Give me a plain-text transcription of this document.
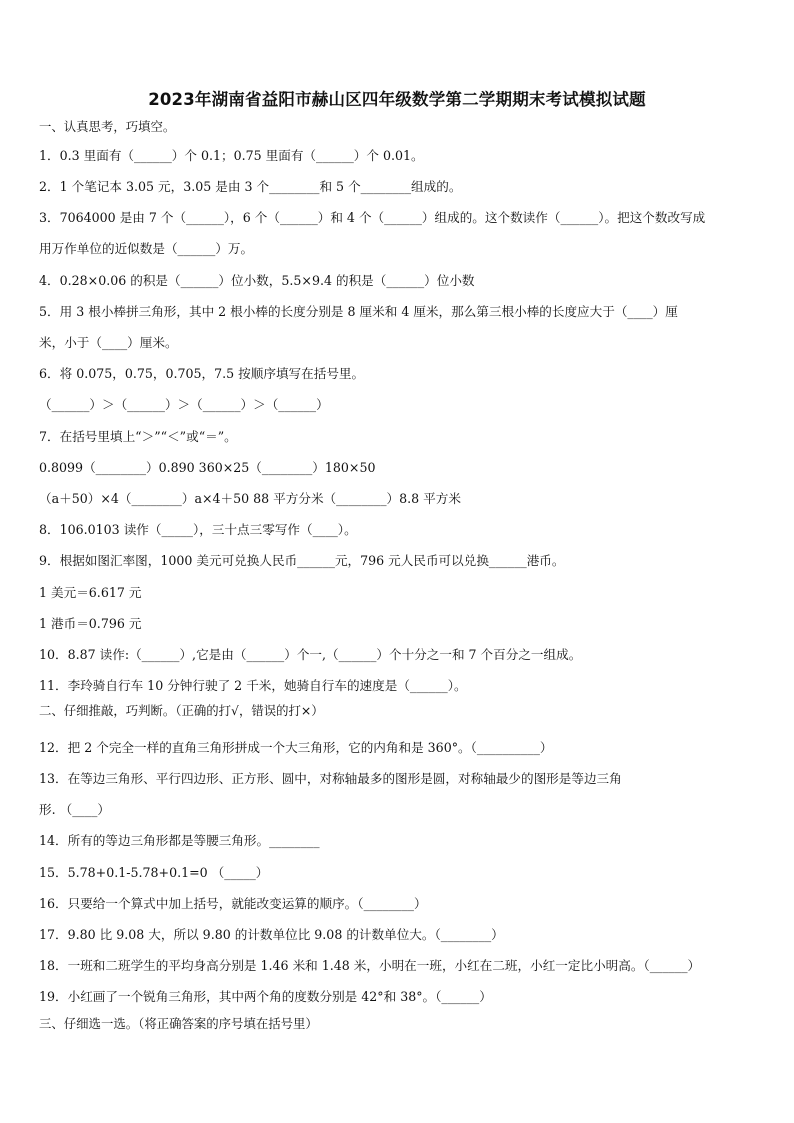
2023年湖南省益阳市赫山区四年级数学第二学期期末考试模拟试题
一、认真思考，巧填空。
1．0.3 里面有（______）个 0.1；0.75 里面有（______）个 0.01。
2．1 个笔记本 3.05 元，3.05 是由 3 个________和 5 个________组成的。
3．7064000 是由 7 个（______），6 个（______）和 4 个（______）组成的。这个数读作（______）。把这个数改写成
用万作单位的近似数是（______）万。
4．0.28×0.06 的积是（______）位小数，5.5×9.4 的积是（______）位小数
5．用 3 根小棒拼三角形，其中 2 根小棒的长度分别是 8 厘米和 4 厘米，那么第三根小棒的长度应大于（____）厘
米，小于（____）厘米。
6．将 0.075，0.75，0.705，7.5 按顺序填写在括号里。
（______）＞（______）＞（______）＞（______）
7．在括号里填上“＞”“＜”或“＝”。
0.8099（________）0.890 360×25（________）180×50
（a＋50）×4（________）a×4＋50 88 平方分米（________）8.8 平方米
8．106.0103 读作（_____），三十点三零写作（____）。
9．根据如图汇率图，1000 美元可兑换人民币______元，796 元人民币可以兑换______港币。
1 美元＝6.617 元
1 港币＝0.796 元
10．8.87 读作:（______）,它是由（______）个一,（______）个十分之一和 7 个百分之一组成。
11．李玲骑自行车 10 分钟行驶了 2 千米，她骑自行车的速度是（______）。
二、仔细推敲，巧判断。（正确的打√，错误的打×）
12．把 2 个完全一样的直角三角形拼成一个大三角形，它的内角和是 360°。（__________）
13．在等边三角形、平行四边形、正方形、圆中，对称轴最多的图形是圆，对称轴最少的图形是等边三角
形. （____）
14．所有的等边三角形都是等腰三角形。________
15．5.78+0.1-5.78+0.1=0 （_____）
16．只要给一个算式中加上括号，就能改变运算的顺序。（________）
17．9.80 比 9.08 大，所以 9.80 的计数单位比 9.08 的计数单位大。（________）
18．一班和二班学生的平均身高分别是 1.46 米和 1.48 米，小明在一班，小红在二班，小红一定比小明高。（______）
19．小红画了一个锐角三角形，其中两个角的度数分别是 42°和 38°。（______）
三、仔细选一选。（将正确答案的序号填在括号里）
